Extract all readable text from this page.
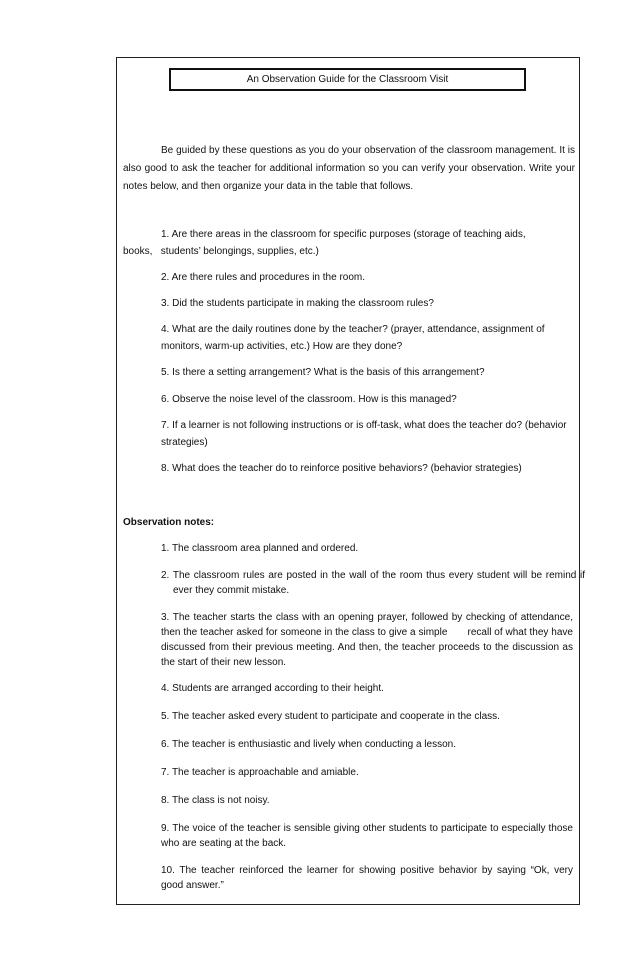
An Observation Guide for the Classroom Visit

Be guided by these questions as you do your observation of the classroom management. It is also good to ask the teacher for additional information so you can verify your observation. Write your notes below, and then organize your data in the table that follows.

1. Are there areas in the classroom for specific purposes (storage of teaching aids,
books,   students’ belongings, supplies, etc.)

2. Are there rules and procedures in the room.

3. Did the students participate in making the classroom rules?

4. What are the daily routines done by the teacher? (prayer, attendance, assignment of monitors, warm-up activities, etc.) How are they done?

5. Is there a setting arrangement? What is the basis of this arrangement?

6. Observe the noise level of the classroom. How is this managed?

7. If a learner is not following instructions or is off-task, what does the teacher do? (behavior strategies)

8. What does the teacher do to reinforce positive behaviors? (behavior strategies)

Observation notes:

1. The classroom area planned and ordered.

2. The classroom rules are posted in the wall of the room thus every student will be remind if ever they commit mistake.

3. The teacher starts the class with an opening prayer, followed by checking of attendance, then the teacher asked for someone in the class to give a simple       recall of what they have discussed from their previous meeting. And then, the teacher proceeds to the discussion as the start of their new lesson.

4. Students are arranged according to their height.

5. The teacher asked every student to participate and cooperate in the class.

6. The teacher is enthusiastic and lively when conducting a lesson.

7. The teacher is approachable and amiable.

8. The class is not noisy.

9. The voice of the teacher is sensible giving other students to participate to especially those who are seating at the back.

10. The teacher reinforced the learner for showing positive behavior by saying “Ok, very good answer.”
